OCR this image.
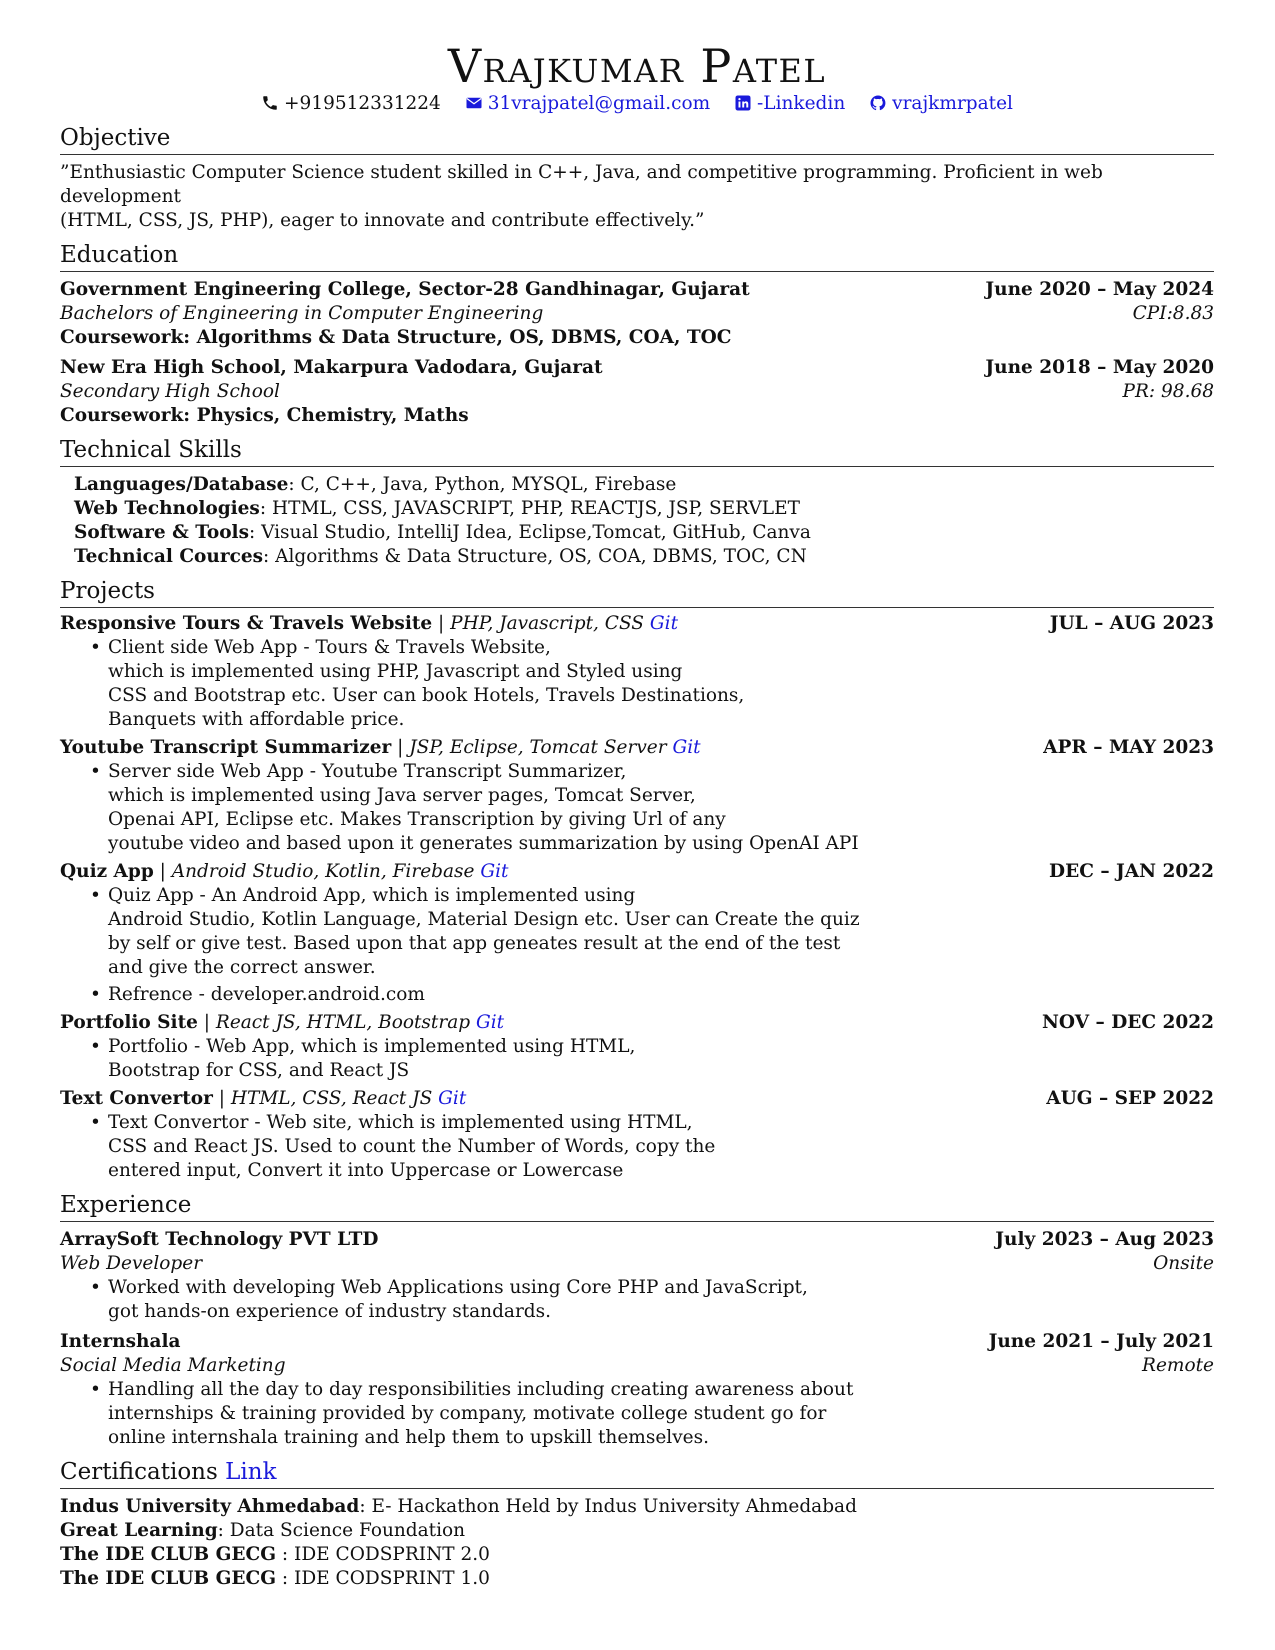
Vrajkumar Patel
+919512331224	31vrajpatel@gmail.com	-Linkedin	vrajkmrpatel
Objective
”Enthusiastic Computer Science student skilled in C++, Java, and competitive programming. Proficient in web development
(HTML, CSS, JS, PHP), eager to innovate and contribute effectively.”
Education
Government Engineering College, Sector-28 Gandhinagar, Gujarat	June 2020 – May 2024
Bachelors of Engineering in Computer Engineering	CPI:8.83
Coursework: Algorithms & Data Structure, OS, DBMS, COA, TOC
New Era High School, Makarpura Vadodara, Gujarat	June 2018 – May 2020
Secondary High School	PR: 98.68
Coursework: Physics, Chemistry, Maths
Technical Skills
Languages/Database: C, C++, Java, Python, MYSQL, Firebase
Web Technologies: HTML, CSS, JAVASCRIPT, PHP, REACTJS, JSP, SERVLET
Software & Tools: Visual Studio, IntelliJ Idea, Eclipse,Tomcat, GitHub, Canva
Technical Cources: Algorithms & Data Structure, OS, COA, DBMS, TOC, CN
Projects
Responsive Tours & Travels Website | PHP, Javascript, CSS Git	JUL – AUG 2023
• Client side Web App - Tours & Travels Website,
which is implemented using PHP, Javascript and Styled using
CSS and Bootstrap etc. User can book Hotels, Travels Destinations,
Banquets with affordable price.
Youtube Transcript Summarizer | JSP, Eclipse, Tomcat Server Git	APR – MAY 2023
• Server side Web App - Youtube Transcript Summarizer,
which is implemented using Java server pages, Tomcat Server,
Openai API, Eclipse etc. Makes Transcription by giving Url of any
youtube video and based upon it generates summarization by using OpenAI API
Quiz App | Android Studio, Kotlin, Firebase Git	DEC – JAN 2022
• Quiz App - An Android App, which is implemented using
Android Studio, Kotlin Language, Material Design etc. User can Create the quiz
by self or give test. Based upon that app geneates result at the end of the test
and give the correct answer.
• Refrence - developer.android.com
Portfolio Site | React JS, HTML, Bootstrap Git	NOV – DEC 2022
• Portfolio - Web App, which is implemented using HTML,
Bootstrap for CSS, and React JS
Text Convertor | HTML, CSS, React JS Git	AUG – SEP 2022
• Text Convertor - Web site, which is implemented using HTML,
CSS and React JS. Used to count the Number of Words, copy the
entered input, Convert it into Uppercase or Lowercase
Experience
ArraySoft Technology PVT LTD	July 2023 – Aug 2023
Web Developer	Onsite
• Worked with developing Web Applications using Core PHP and JavaScript,
got hands-on experience of industry standards.
Internshala	June 2021 – July 2021
Social Media Marketing	Remote
• Handling all the day to day responsibilities including creating awareness about
internships & training provided by company, motivate college student go for
online internshala training and help them to upskill themselves.
Certifications Link
Indus University Ahmedabad: E- Hackathon Held by Indus University Ahmedabad
Great Learning: Data Science Foundation
The IDE CLUB GECG : IDE CODSPRINT 2.0
The IDE CLUB GECG : IDE CODSPRINT 1.0
